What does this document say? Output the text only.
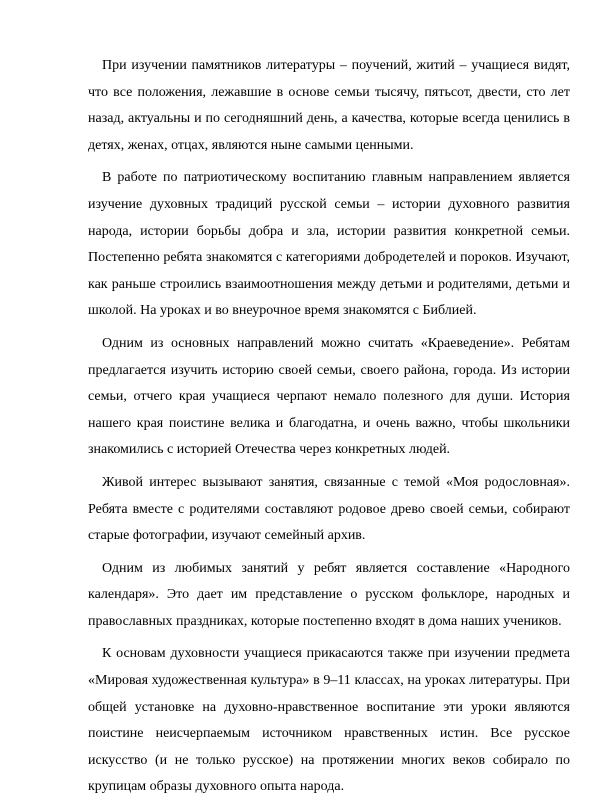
При изучении памятников литературы – поучений, житий – учащиеся видят, что все положения, лежавшие в основе семьи тысячу, пятьсот, двести, сто лет назад, актуальны и по сегодняшний день, а качества, которые всегда ценились в детях, женах, отцах, являются ныне самыми ценными.

В работе по патриотическому воспитанию главным направлением является изучение духовных традиций русской семьи – истории духовного развития народа, истории борьбы добра и зла, истории развития конкретной семьи. Постепенно ребята знакомятся с категориями добродетелей и пороков. Изучают, как раньше строились взаимоотношения между детьми и родителями, детьми и школой. На уроках и во внеурочное время знакомятся с Библией.

Одним из основных направлений можно считать «Краеведение». Ребятам предлагается изучить историю своей семьи, своего района, города. Из истории семьи, отчего края учащиеся черпают немало полезного для души. История нашего края поистине велика и благодатна, и очень важно, чтобы школьники знакомились с историей Отечества через конкретных людей.

Живой интерес вызывают занятия, связанные с темой «Моя родословная». Ребята вместе с родителями составляют родовое древо своей семьи, собирают старые фотографии, изучают семейный архив.

Одним из любимых занятий у ребят является составление «Народного календаря». Это дает им представление о русском фольклоре, народных и православных праздниках, которые постепенно входят в дома наших учеников.

К основам духовности учащиеся прикасаются также при изучении предмета «Мировая художественная культура» в 9–11 классах, на уроках литературы. При общей установке на духовно-нравственное воспитание эти уроки являются поистине неисчерпаемым источником нравственных истин. Все русское искусство (и не только русское) на протяжении многих веков собирало по крупицам образы духовного опыта народа.
